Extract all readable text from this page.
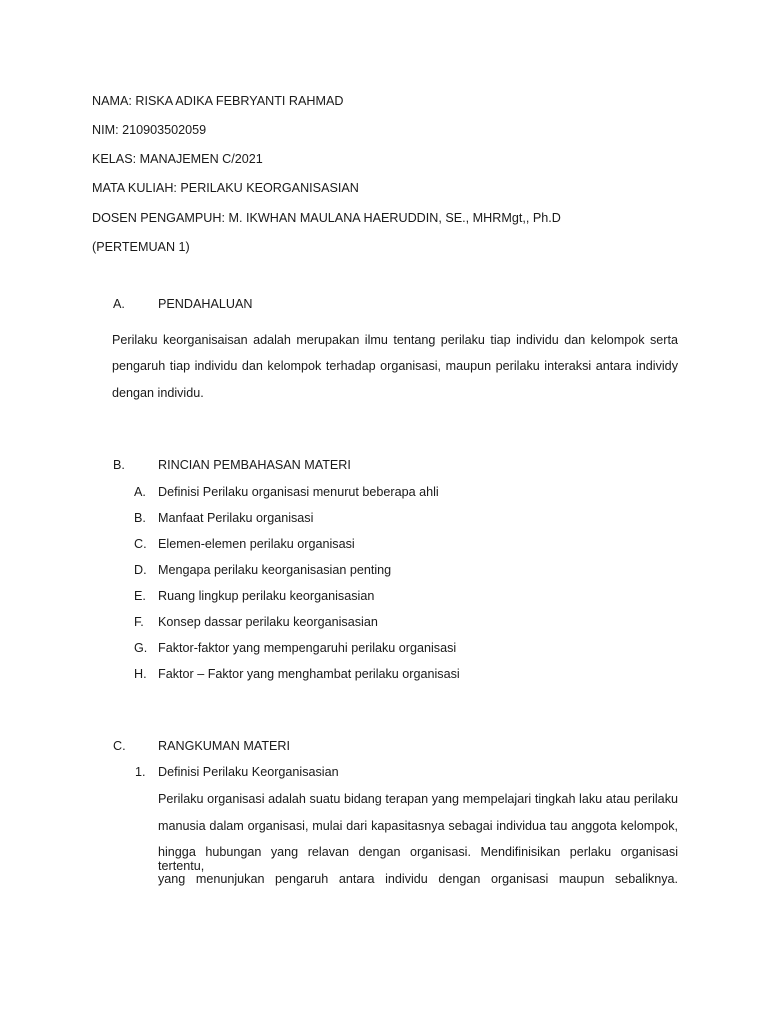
NAMA: RISKA ADIKA FEBRYANTI RAHMAD
NIM: 210903502059
KELAS: MANAJEMEN C/2021
MATA KULIAH: PERILAKU KEORGANISASIAN
DOSEN PENGAMPUH: M. IKWHAN MAULANA HAERUDDIN, SE., MHRMgt,, Ph.D
(PERTEMUAN 1)
A.	PENDAHALUAN
Perilaku keorganisaisan adalah merupakan ilmu tentang perilaku tiap individu dan kelompok serta
pengaruh tiap individu dan kelompok terhadap organisasi, maupun perilaku interaksi antara individy
dengan individu.
B.	RINCIAN PEMBAHASAN MATERI
A. Definisi Perilaku organisasi menurut beberapa ahli
B. Manfaat Perilaku organisasi
C. Elemen-elemen perilaku organisasi
D. Mengapa perilaku keorganisasian penting
E. Ruang lingkup perilaku keorganisasian
F. Konsep dassar perilaku keorganisasian
G. Faktor-faktor yang mempengaruhi perilaku organisasi
H. Faktor – Faktor yang menghambat perilaku organisasi
C.	RANGKUMAN MATERI
1. Definisi Perilaku Keorganisasian
Perilaku organisasi adalah suatu bidang terapan yang mempelajari tingkah laku atau perilaku
manusia dalam organisasi, mulai dari kapasitasnya sebagai individua tau anggota kelompok,
hingga hubungan yang relavan dengan organisasi. Mendifinisikan perlaku organisasi tertentu,
yang menunjukan pengaruh antara individu dengan organisasi maupun sebaliknya.
